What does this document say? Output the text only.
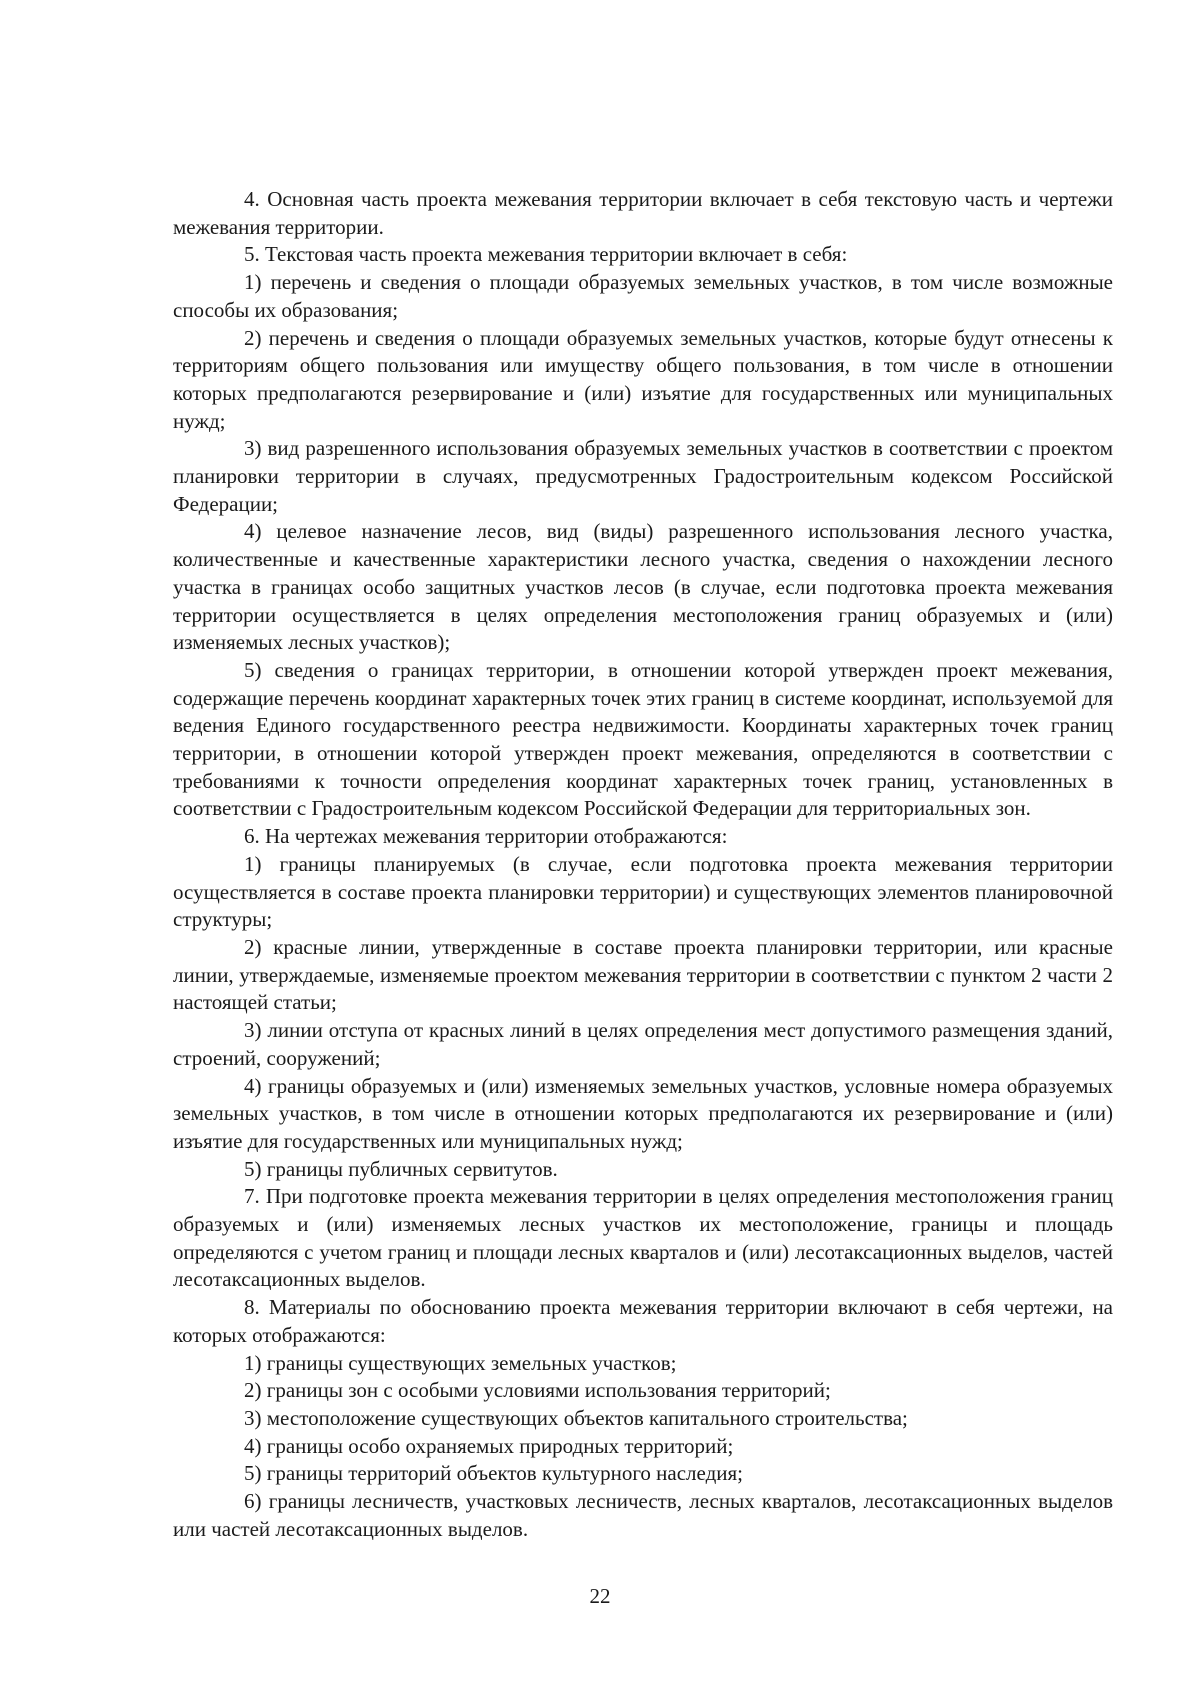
4. Основная часть проекта межевания территории включает в себя текстовую часть и чертежи межевания территории.

5. Текстовая часть проекта межевания территории включает в себя:

1) перечень и сведения о площади образуемых земельных участков, в том числе возможные способы их образования;

2) перечень и сведения о площади образуемых земельных участков, которые будут отнесены к территориям общего пользования или имуществу общего пользования, в том числе в отношении которых предполагаются резервирование и (или) изъятие для государственных или муниципальных нужд;

3) вид разрешенного использования образуемых земельных участков в соответствии с проектом планировки территории в случаях, предусмотренных Градостроительным кодексом Российской Федерации;

4) целевое назначение лесов, вид (виды) разрешенного использования лесного участка, количественные и качественные характеристики лесного участка, сведения о нахождении лесного участка в границах особо защитных участков лесов (в случае, если подготовка проекта межевания территории осуществляется в целях определения местоположения границ образуемых и (или) изменяемых лесных участков);

5) сведения о границах территории, в отношении которой утвержден проект межевания, содержащие перечень координат характерных точек этих границ в системе координат, используемой для ведения Единого государственного реестра недвижимости. Координаты характерных точек границ территории, в отношении которой утвержден проект межевания, определяются в соответствии с требованиями к точности определения координат характерных точек границ, установленных в соответствии с Градостроительным кодексом Российской Федерации для территориальных зон.

6. На чертежах межевания территории отображаются:

1) границы планируемых (в случае, если подготовка проекта межевания территории осуществляется в составе проекта планировки территории) и существующих элементов планировочной структуры;

2) красные линии, утвержденные в составе проекта планировки территории, или красные линии, утверждаемые, изменяемые проектом межевания территории в соответствии с пунктом 2 части 2 настоящей статьи;

3) линии отступа от красных линий в целях определения мест допустимого размещения зданий, строений, сооружений;

4) границы образуемых и (или) изменяемых земельных участков, условные номера образуемых земельных участков, в том числе в отношении которых предполагаются их резервирование и (или) изъятие для государственных или муниципальных нужд;

5) границы публичных сервитутов.

7. При подготовке проекта межевания территории в целях определения местоположения границ образуемых и (или) изменяемых лесных участков их местоположение, границы и площадь определяются с учетом границ и площади лесных кварталов и (или) лесотаксационных выделов, частей лесотаксационных выделов.

8. Материалы по обоснованию проекта межевания территории включают в себя чертежи, на которых отображаются:

1) границы существующих земельных участков;

2) границы зон с особыми условиями использования территорий;

3) местоположение существующих объектов капитального строительства;

4) границы особо охраняемых природных территорий;

5) границы территорий объектов культурного наследия;

6) границы лесничеств, участковых лесничеств, лесных кварталов, лесотаксационных выделов или частей лесотаксационных выделов.

22
